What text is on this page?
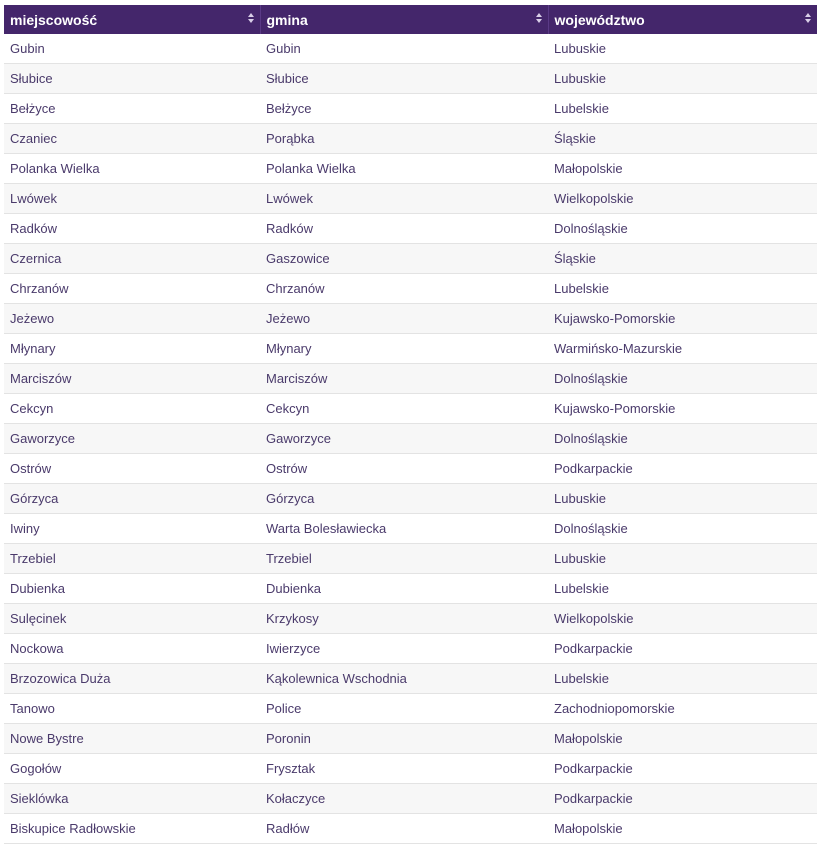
miejscowość	gmina	województwo

Gubin	Gubin	Lubuskie
Słubice	Słubice	Lubuskie
Bełżyce	Bełżyce	Lubelskie
Czaniec	Porąbka	Śląskie
Polanka Wielka	Polanka Wielka	Małopolskie
Lwówek	Lwówek	Wielkopolskie
Radków	Radków	Dolnośląskie
Czernica	Gaszowice	Śląskie
Chrzanów	Chrzanów	Lubelskie
Jeżewo	Jeżewo	Kujawsko-Pomorskie
Młynary	Młynary	Warmińsko-Mazurskie
Marciszów	Marciszów	Dolnośląskie
Cekcyn	Cekcyn	Kujawsko-Pomorskie
Gaworzyce	Gaworzyce	Dolnośląskie
Ostrów	Ostrów	Podkarpackie
Górzyca	Górzyca	Lubuskie
Iwiny	Warta Bolesławiecka	Dolnośląskie
Trzebiel	Trzebiel	Lubuskie
Dubienka	Dubienka	Lubelskie
Sulęcinek	Krzykosy	Wielkopolskie
Nockowa	Iwierzyce	Podkarpackie
Brzozowica Duża	Kąkolewnica Wschodnia	Lubelskie
Tanowo	Police	Zachodniopomorskie
Nowe Bystre	Poronin	Małopolskie
Gogołów	Frysztak	Podkarpackie
Sieklówka	Kołaczyce	Podkarpackie
Biskupice Radłowskie	Radłów	Małopolskie
